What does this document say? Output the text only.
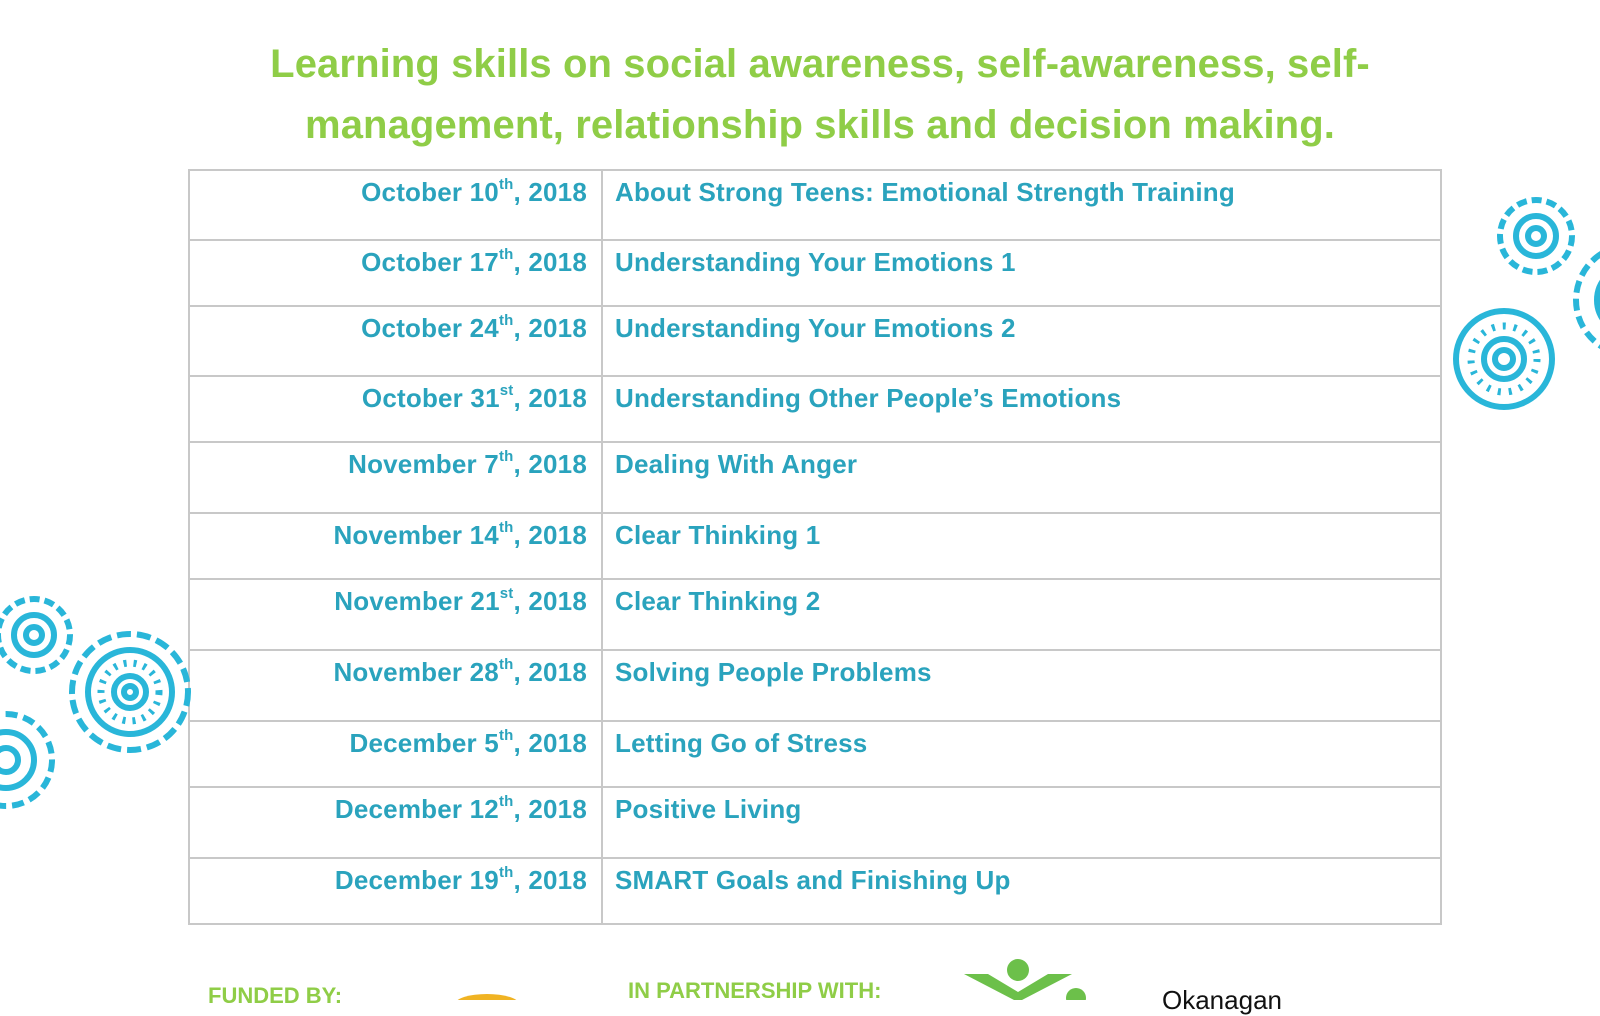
Learning skills on social awareness, self-awareness, self-
management, relationship skills and decision making.
October 10th, 2018	About Strong Teens: Emotional Strength Training
October 17th, 2018	Understanding Your Emotions 1
October 24th, 2018	Understanding Your Emotions 2
October 31st, 2018	Understanding Other People’s Emotions
November 7th, 2018	Dealing With Anger
November 14th, 2018	Clear Thinking 1
November 21st, 2018	Clear Thinking 2
November 28th, 2018	Solving People Problems
December 5th, 2018	Letting Go of Stress
December 12th, 2018	Positive Living
December 19th, 2018	SMART Goals and Finishing Up
FUNDED BY:	IN PARTNERSHIP WITH:	Okanagan
